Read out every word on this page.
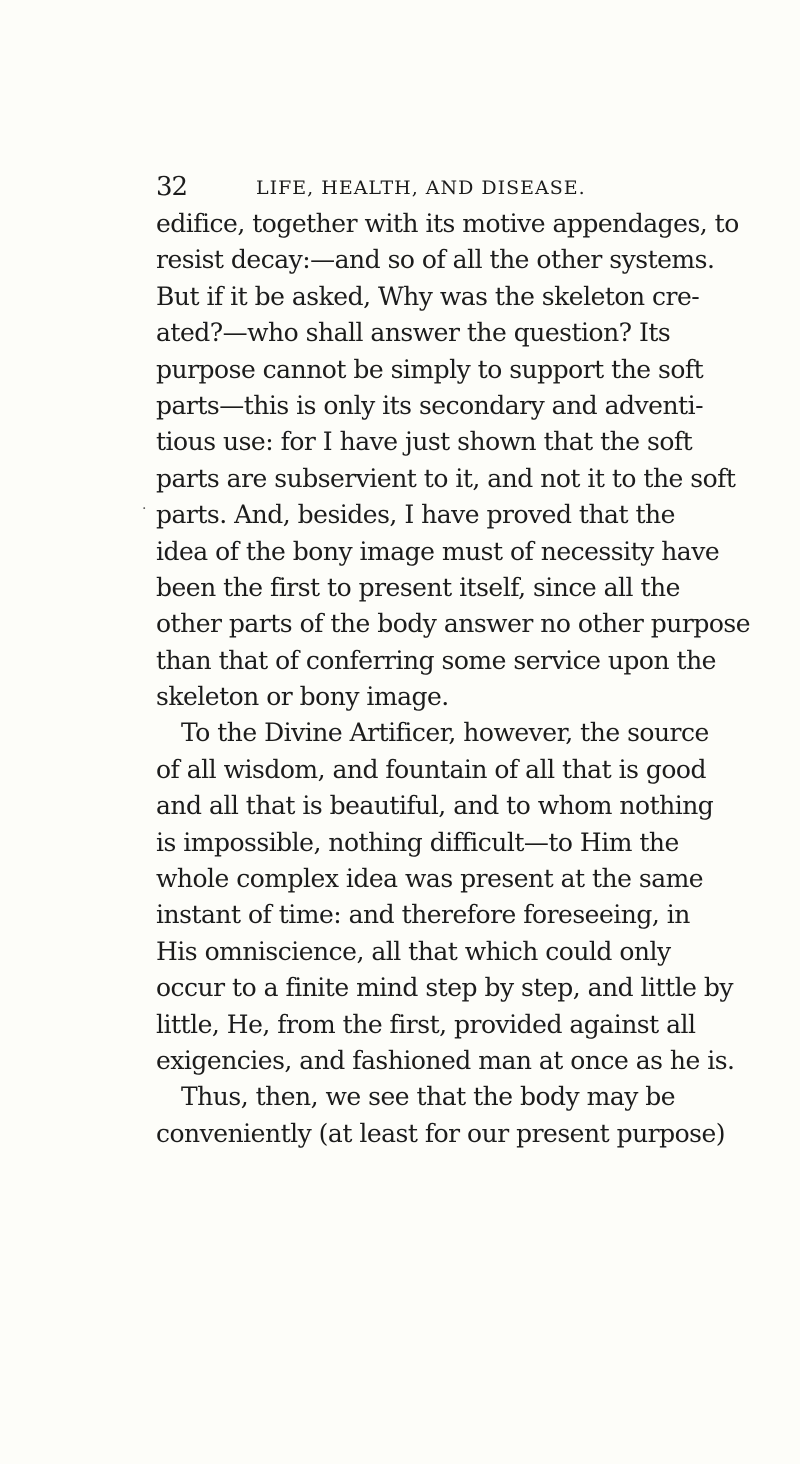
32	LIFE, HEALTH, AND DISEASE.
·
edifice, together with its motive appendages, to
resist decay:—and so of all the other systems.
But if it be asked, Why was the skeleton cre-
ated?—who shall answer the question? Its
purpose cannot be simply to support the soft
parts—this is only its secondary and adventi-
tious use: for I have just shown that the soft
parts are subservient to it, and not it to the soft
parts. And, besides, I have proved that the
idea of the bony image must of necessity have
been the first to present itself, since all the
other parts of the body answer no other purpose
than that of conferring some service upon the
skeleton or bony image.
To the Divine Artificer, however, the source
of all wisdom, and fountain of all that is good
and all that is beautiful, and to whom nothing
is impossible, nothing difficult—to Him the
whole complex idea was present at the same
instant of time: and therefore foreseeing, in
His omniscience, all that which could only
occur to a finite mind step by step, and little by
little, He, from the first, provided against all
exigencies, and fashioned man at once as he is.
Thus, then, we see that the body may be
conveniently (at least for our present purpose)
